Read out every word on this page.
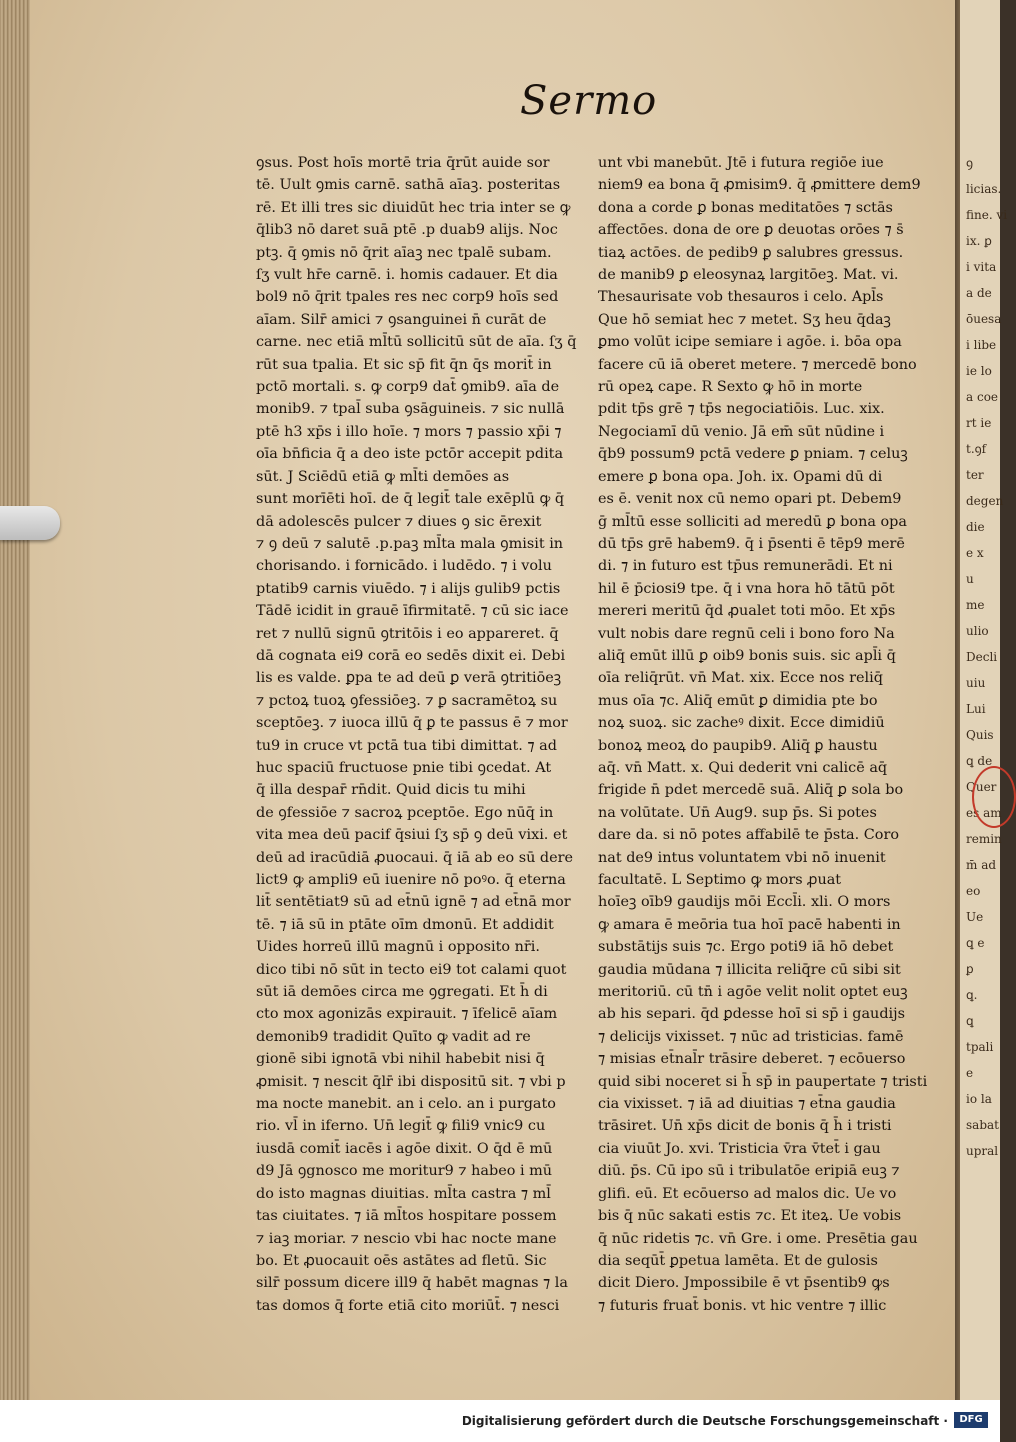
ꝯ
licias.
fine. vi
ix. ꝑ
i vita
a de
ōuesa
i libe
ie lo
a coe
rt ie
t.ꝯf
ter
degen
die
e x
u
me
ulio
Decli
uiu
Lui
Quis
ꝗ de
Quer
es am
remin
m̄ ad
eo
Ue
ꝗ e
ꝑ
ꝗ.
ꝗ
tpali
e
io la
sabat
upral
Sermo
ꝯsus. Post hoīs mortē tria q̄rūt auide sor
tē. Uult ꝯmis carnē. sathā aīaꝫ. posteritas
rē. Et illi tres sic diuidūt hec tria inter se ꝙ
q̄lib3 nō daret suā ptē .p duab9 alijs. Noc
ptꝫ. q̄ ꝯmis nō q̄rit aīaꝫ nec tpalē subam.
ſʒ vult hr̄e carnē. i. homis cadauer. Et dia
bol9 nō q̄rit tpales res nec corp9 hoīs sed
aīam. Silr̄ amici ⁊ ꝯsanguinei n̄ curāt de
carne. nec etiā ml̄tū sollicitū sūt de aīa. ſʒ q̄
rūt sua tpalia. Et sic sp̄ fit q̄n q̄s morit̄ in
pctō mortali. s. ꝙ corp9 dat̄ ꝯmib9. aīa de
monib9. ⁊ tpal̄ suba ꝯsāguineis. ⁊ sic nullā
ptē h3 xp̄s i illo hoīe. ⁊ mors ⁊ passio xp̄i ⁊
oīa bn̄ficia q̄ a deo iste pctōr accepit pdita
sūt. J Sciēdū etiā ꝙ ml̄ti demōes as
sunt morīēti hoī. de q̄ legit̄ tale exēplū ꝙ q̄
dā adolescēs pulcer ⁊ diues ꝯ sic ērexit
⁊ ꝯ deū ⁊ salutē .p.paꝫ ml̄ta mala ꝯmisit in
chorisando. i fornicādo. i ludēdo. ⁊ i volu
ptatib9 carnis viuēdo. ⁊ i alijs gulib9 pctis
Tādē icidit in grauē īfirmitatē. ⁊ cū sic iace
ret ⁊ nullū signū ꝯtritōis i eo appareret. q̄
dā cognata ei9 corā eo sedēs dixit ei. Debi
lis es valde. ꝑpa te ad deū ꝑ verā ꝯtritiōeꝫ
⁊ pctoꝝ tuoꝝ ꝯfessiōeꝫ. ⁊ ꝑ sacramētoꝝ su
sceptōeꝫ. ⁊ iuoca illū q̄ ꝑ te passus ē ⁊ mor
tu9 in cruce vt pctā tua tibi dimittat. ⁊ ad
huc spaciū fructuose pnie tibi ꝯcedat. At
q̄ illa despar̄ rn̄dit. Quid dicis tu mihi
de ꝯfessiōe ⁊ sacroꝝ pceptōe. Ego nūq̄ in
vita mea deū pacif q̄siui ſʒ sp̄ ꝯ deū vixi. et
deū ad iracūdiā ꝓuocaui. q̄ iā ab eo sū dere
lict9 ꝙ ampli9 eū iuenire nō poꝰo. q̄ eterna
lit̄ sentētiat9 sū ad et̄nū ignē ⁊ ad et̄nā mor
tē. ⁊ iā sū in ptāte oīm dmonū. Et addidit
Uides horreū illū magnū i opposito nr̄i.
dico tibi nō sūt in tecto ei9 tot calami quot
sūt iā demōes circa me ꝯgregati. Et h̄ di
cto mox agonizās expirauit. ⁊ īfelicē aīam
demonib9 tradidit Quīto ꝙ vadit ad re
gionē sibi ignotā vbi nihil habebit nisi q̄
ꝓmisit. ⁊ nescit q̄lr̄ ibi dispositū sit. ⁊ vbi p
ma nocte manebit. an i celo. an i purgato
rio. vl̄ in iferno. Un̄ legit̄ ꝙ fili9 vnic9 cu
iusdā comit̄ iacēs i agōe dixit. O q̄d ē mū
d9 Jā ꝯgnosco me moritur9 ⁊ habeo i mū
do isto magnas diuitias. ml̄ta castra ⁊ ml̄
tas ciuitates. ⁊ iā ml̄tos hospitare possem
⁊ iaꝫ moriar. ⁊ nescio vbi hac nocte mane
bo. Et ꝓuocauit oēs astātes ad fletū. Sic
silr̄ possum dicere ill9 q̄ habēt magnas ⁊ la
tas domos q̄ forte etiā cito moriūt̄. ⁊ nesci
unt vbi manebūt. Jtē i futura regiōe iue
niem9 ea bona q̄ ꝓmisim9. q̄ ꝓmittere dem9
dona a corde ꝑ bonas meditatōes ⁊ sctās
affectōes. dona de ore ꝑ deuotas orōes ⁊ s̄
tiaꝝ actōes. de pedib9 ꝑ salubres gressus.
de manib9 ꝑ eleosynaꝝ largitōeꝫ. Mat. vi.
Thesaurisate vob thesauros i celo. Apl̄s
Que hō semiat hec ⁊ metet. Sʒ heu q̄daꝫ
ꝑmo volūt icipe semiare i agōe. i. bōa opa
facere cū iā oberet metere. ⁊ mercedē bono
rū opeꝝ cape. R Sexto ꝙ hō in morte
pdit tp̄s grē ⁊ tp̄s negociatiōis. Luc. xix.
Negociamī dū venio. Jā em̄ sūt nūdine i
q̄b9 possum9 pctā vedere ꝑ pniam. ⁊ celuꝫ
emere ꝑ bona opa. Joh. ix. Opami dū di
es ē. venit nox cū nemo opari pt. Debem9
ḡ ml̄tū esse solliciti ad meredū ꝑ bona opa
dū tp̄s grē habem9. q̄ i p̄senti ē tēp9 merē
di. ⁊ in futuro est tp̄us remunerādi. Et ni
hil ē p̄ciosi9 tpe. q̄ i vna hora hō tātū pōt
mereri meritū q̄d ꝓualet toti mōo. Et xp̄s
vult nobis dare regnū celi i bono foro Na
aliq̄ emūt illū ꝑ oib9 bonis suis. sic apl̄i q̄
oīa reliq̄rūt. vn̄ Mat. xix. Ecce nos reliq̄
mus oīa ⁊c. Aliq̄ emūt ꝑ dimidia pte bo
noꝝ suoꝝ. sic zacheꝰ dixit. Ecce dimidiū
bonoꝝ meoꝝ do paupib9. Aliq̄ ꝑ haustu
aq̄. vn̄ Matt. x. Qui dederit vni calicē aq̄
frigide n̄ pdet mercedē suā. Aliq̄ ꝑ sola bo
na volūtate. Un̄ Aug9. sup p̄s. Si potes
dare da. si nō potes affabilē te p̄sta. Coro
nat de9 intus voluntatem vbi nō inuenit
facultatē. L Septimo ꝙ mors ꝓuat
hoīeꝫ oīb9 gaudijs mōi Eccl̄i. xli. O mors
ꝙ amara ē meōria tua hoī pacē habenti in
substātijs suis ⁊c. Ergo poti9 iā hō debet
gaudia mūdana ⁊ illicita reliq̄re cū sibi sit
meritoriū. cū tn̄ i agōe velit nolit optet euꝫ
ab his separi. q̄d ꝑdesse hoī si sp̄ i gaudijs
⁊ delicijs vixisset. ⁊ nūc ad tristicias. famē
⁊ misias et̄nal̄r trāsire deberet. ⁊ ecōuerso
quid sibi noceret si h̄ sp̄ in paupertate ⁊ tristi
cia vixisset. ⁊ iā ad diuitias ⁊ et̄na gaudia
trāsiret. Un̄ xp̄s dicit de bonis q̄ h̄ i tristi
cia viuūt Jo. xvi. Tristicia v̄ra v̄tet̄ i gau
diū. p̄s. Cū ipo sū i tribulatōe eripiā euꝫ ⁊
glifi. eū. Et ecōuerso ad malos dic. Ue vo
bis q̄ nūc sakati estis ⁊c. Et iteꝝ. Ue vobis
q̄ nūc ridetis ⁊c. vn̄ Gre. i ome. Presētia gau
dia seqūt̄ ꝑpetua lamēta. Et de gulosis
dicit Diero. Jmpossibile ē vt p̄sentib9 ꝙs
⁊ futuris fruat̄ bonis. vt hic ventre ⁊ illic
Digitalisierung gefördert durch die Deutsche Forschungsgemeinschaft ·	DFG
